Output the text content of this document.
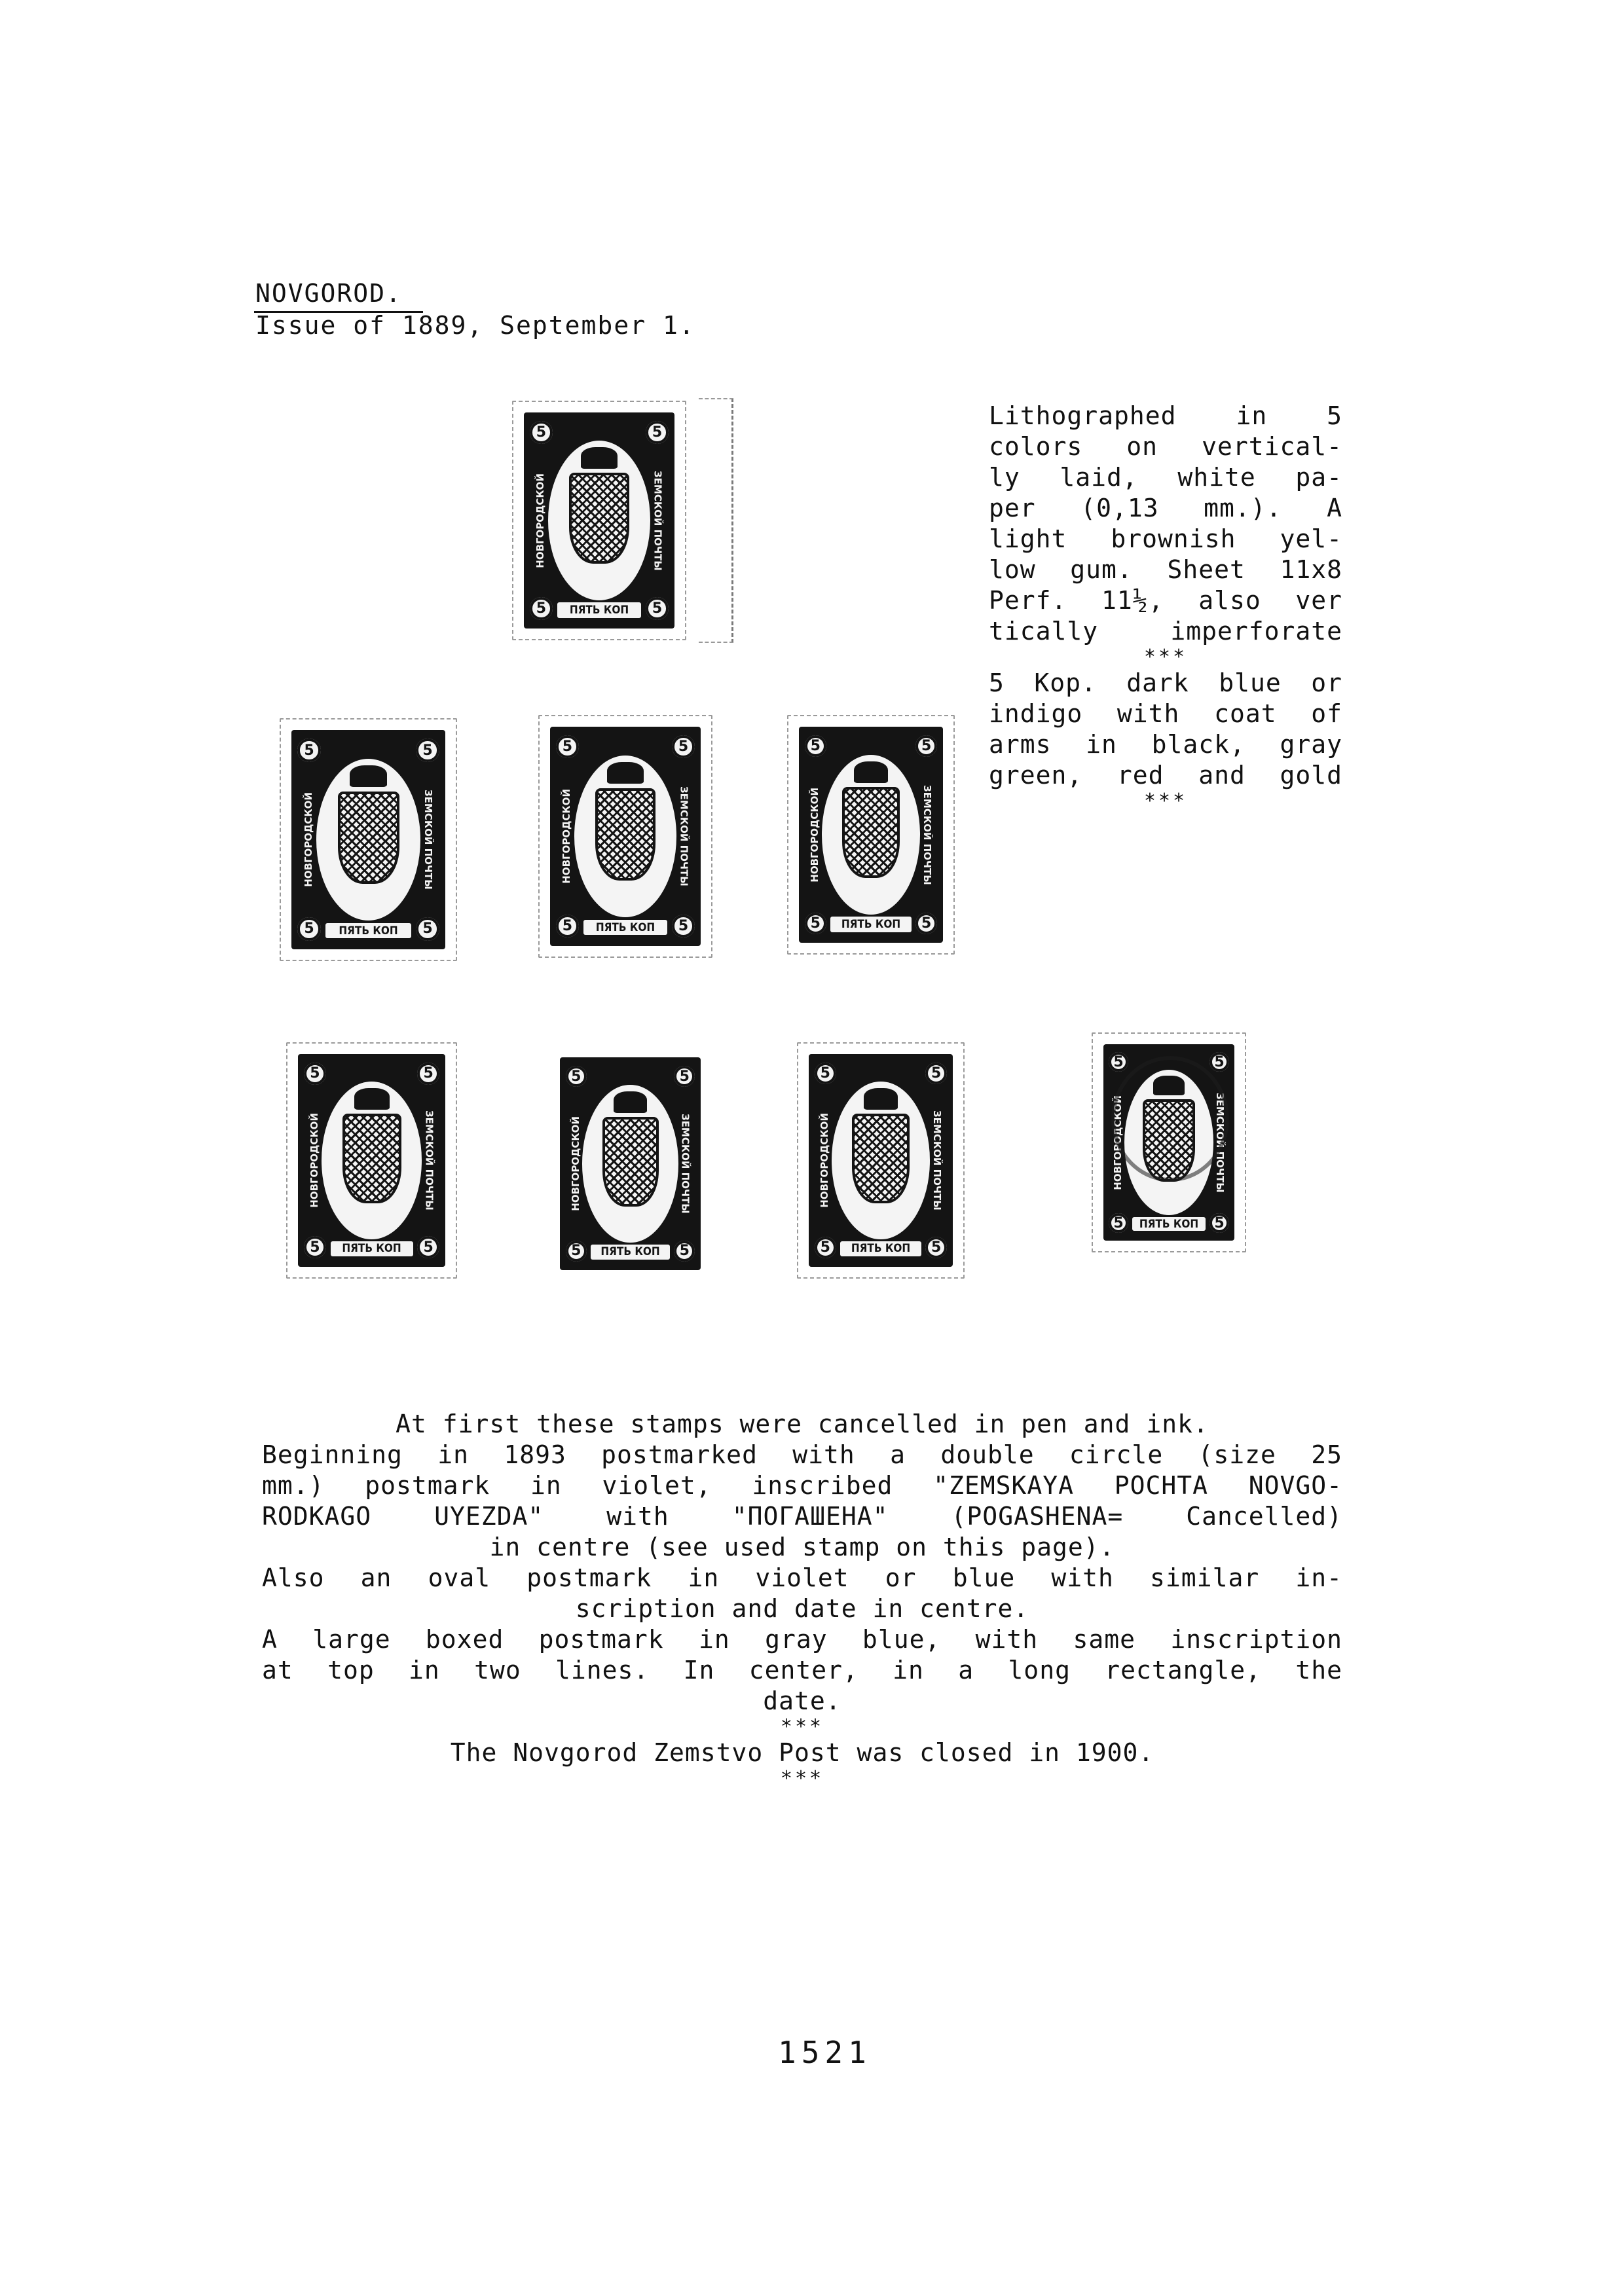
NOVGOROD.
Issue of 1889, September 1.
Lithographed in 5
colors on vertical-
ly laid, white pa-
per (0,13 mm.). A
light brownish yel-
low gum. Sheet 11x8
Perf. 11½, also ver
tically imperforate
***
5 Kop. dark blue or
indigo with coat of
arms in black, gray
green, red and gold
***
5
5
5
5
ПЯТЬ КОП
НОВГОРОДСКОЙ	ЗЕМСКОЙ ПОЧТЫ
5
5
5
5
ПЯТЬ КОП
НОВГОРОДСКОЙ	ЗЕМСКОЙ ПОЧТЫ
5
5
5
5
ПЯТЬ КОП
НОВГОРОДСКОЙ	ЗЕМСКОЙ ПОЧТЫ
5
5
5
5
ПЯТЬ КОП
НОВГОРОДСКОЙ	ЗЕМСКОЙ ПОЧТЫ
5
5
5
5
ПЯТЬ КОП
НОВГОРОДСКОЙ	ЗЕМСКОЙ ПОЧТЫ
5
5
5
5
ПЯТЬ КОП
НОВГОРОДСКОЙ	ЗЕМСКОЙ ПОЧТЫ
5
5
5
5
ПЯТЬ КОП
НОВГОРОДСКОЙ	ЗЕМСКОЙ ПОЧТЫ
5
5
5
5
ПЯТЬ КОП
НОВГОРОДСКОЙ	ЗЕМСКОЙ ПОЧТЫ
At first these stamps were cancelled in pen and ink.
Beginning in 1893 postmarked with a double circle (size 25
mm.) postmark in violet, inscribed "ZEMSKAYA POCHTA NOVGO-
RODKAGO UYEZDA" with "ПОГАШЕНА" (POGASHENA= Cancelled)
in centre (see used stamp on this page).
Also an oval postmark in violet or blue with similar in-
scription and date in centre.
A large boxed postmark in gray blue, with same inscription
at top in two lines. In center, in a long rectangle, the
date.
***
The Novgorod Zemstvo Post was closed in 1900.
***
1521
